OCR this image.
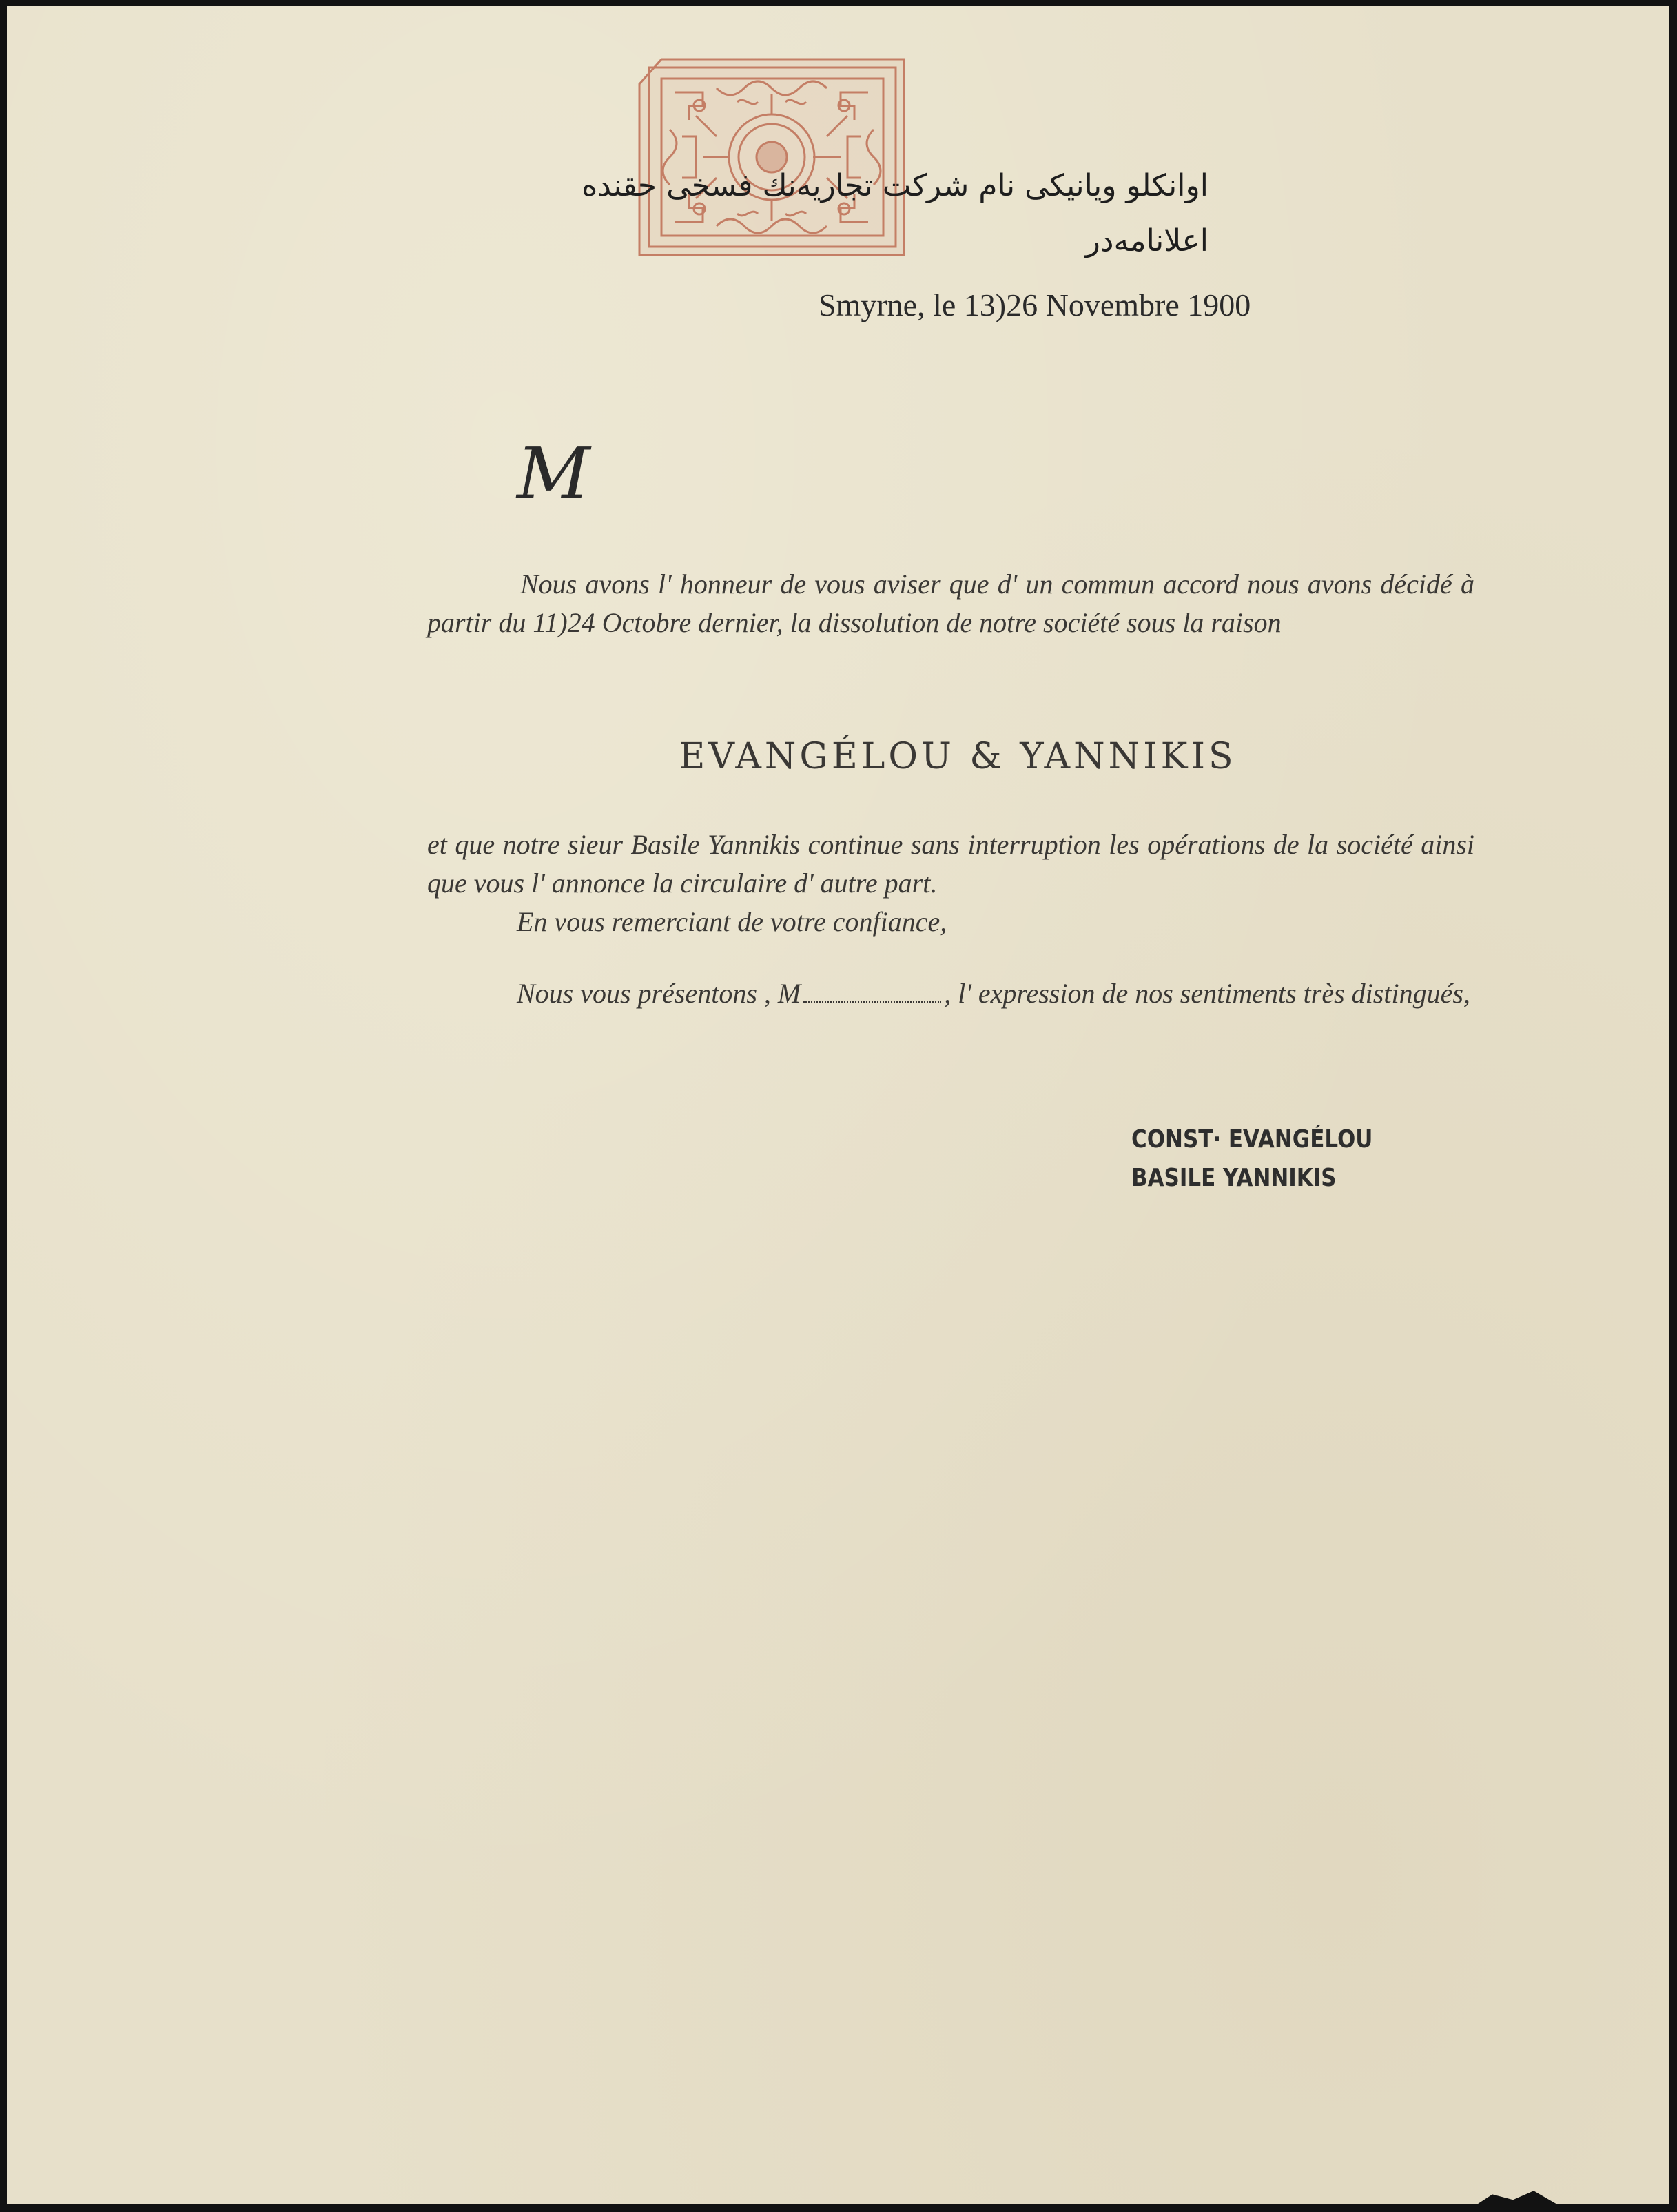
اوانكلو ويانيكى نام شركت تجاريه‌نك فسخى حقنده
اعلانامه‌در
Smyrne, le 13)26 Novembre 1900
M
Nous avons l' honneur de vous aviser que d' un commun accord nous avons décidé à partir du 11)24 Octobre dernier, la dissolution de notre société sous la raison
EVANGÉLOU & YANNIKIS
et que notre sieur Basile Yannikis continue sans interruption les opérations de la société ainsi que vous l' annonce la circulaire d' autre part.
En vous remerciant de votre confiance,
Nous vous présentons , M	, l' expression de nos sentiments très distingués,
CONST· EVANGÉLOU
BASILE YANNIKIS
